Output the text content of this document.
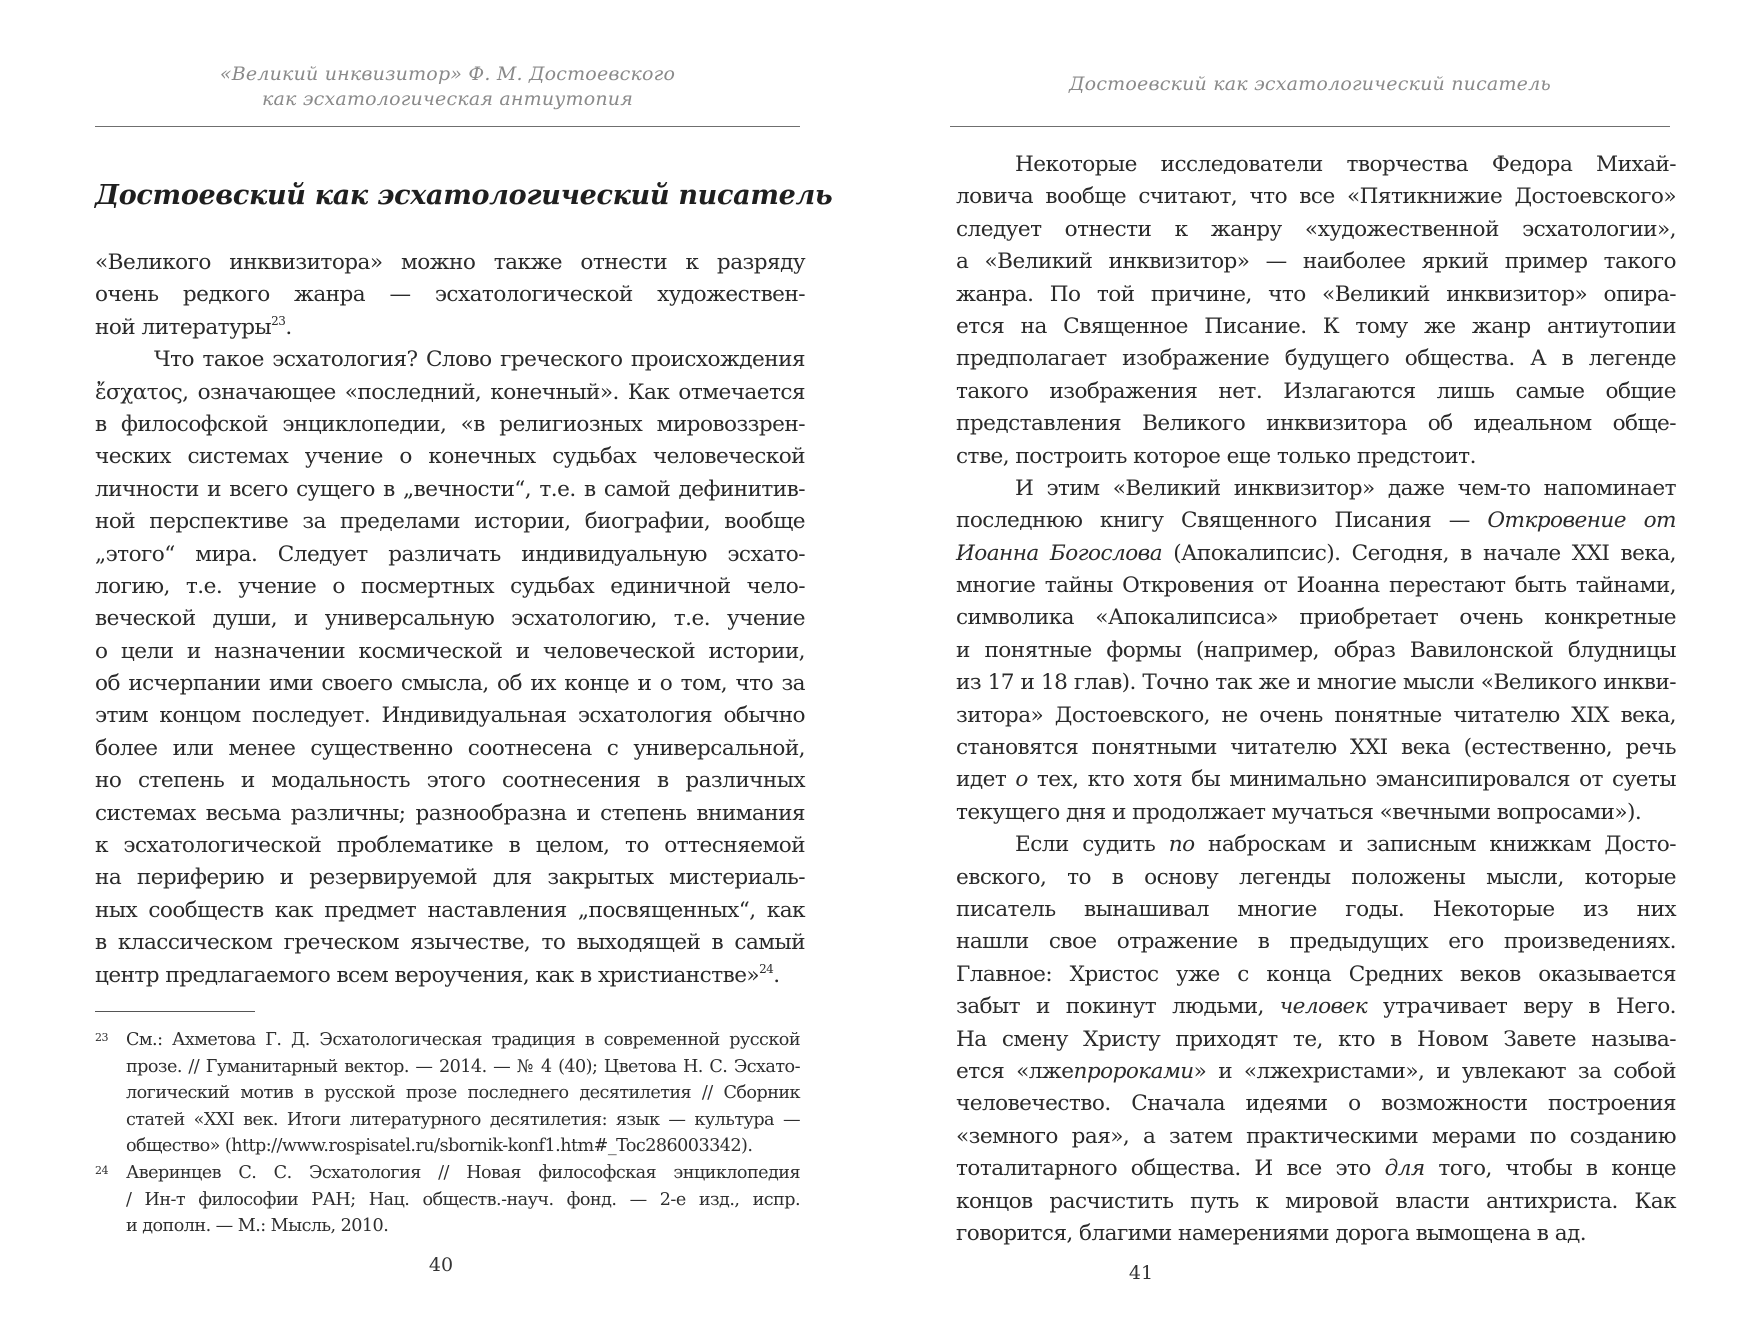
«Великий инквизитор» Ф. М. Достоевского
как эсхатологическая антиутопия
Достоевский как эсхатологический писатель
«Великого инквизитора» можно также отнести к разряду
очень редкого жанра — эсхатологической художествен-
ной литературы$^{23}$.
Что такое эсхатология? Слово греческого происхождения
ἔσχατος, означающее «последний, конечный». Как отмечается
в философской энциклопедии, «в религиозных мировоззрен-
ческих системах учение о конечных судьбах человеческой
личности и всего сущего в „вечности“, т.е. в самой дефинитив-
ной перспективе за пределами истории, биографии, вообще
„этого“ мира. Следует различать индивидуальную эсхато-
логию, т.е. учение о посмертных судьбах единичной чело-
веческой души, и универсальную эсхатологию, т.е. учение
о цели и назначении космической и человеческой истории,
об исчерпании ими своего смысла, об их конце и о том, что за
этим концом последует. Индивидуальная эсхатология обычно
более или менее существенно соотнесена с универсальной,
но степень и модальность этого соотнесения в различных
системах весьма различны; разнообразна и степень внимания
к эсхатологической проблематике в целом, то оттесняемой
на периферию и резервируемой для закрытых мистериаль-
ных сообществ как предмет наставления „посвященных“, как
в классическом греческом язычестве, то выходящей в самый
центр предлагаемого всем вероучения, как в христианстве»$^{24}$.
23 См.: Ахметова Г. Д. Эсхатологическая традиция в современной русской
прозе. // Гуманитарный вектор. — 2014. — № 4 (40); Цветова Н. С. Эсхато-
логический мотив в русской прозе последнего десятилетия // Сборник
статей «XXI век. Итоги литературного десятилетия: язык — культура —
общество» (http://www.rospisatel.ru/sbornik-konf1.htm#_Toc286003342).
24 Аверинцев С. С. Эсхатология // Новая философская энциклопедия
/ Ин-т философии РАН; Нац. обществ.-науч. фонд. — 2-е изд., испр.
и дополн. — М.: Мысль, 2010.
40
Достоевский как эсхатологический писатель
Некоторые исследователи творчества Федора Михай-
ловича вообще считают, что все «Пятикнижие Достоевского»
следует отнести к жанру «художественной эсхатологии»,
а «Великий инквизитор» — наиболее яркий пример такого
жанра. По той причине, что «Великий инквизитор» опира-
ется на Священное Писание. К тому же жанр антиутопии
предполагает изображение будущего общества. А в легенде
такого изображения нет. Излагаются лишь самые общие
представления Великого инквизитора об идеальном обще-
стве, построить которое еще только предстоит.
И этим «Великий инквизитор» даже чем-то напоминает
последнюю книгу Священного Писания — Откровение от
Иоанна Богослова (Апокалипсис). Сегодня, в начале XXI века,
многие тайны Откровения от Иоанна перестают быть тайнами,
символика «Апокалипсиса» приобретает очень конкретные
и понятные формы (например, образ Вавилонской блудницы
из 17 и 18 глав). Точно так же и многие мысли «Великого инкви-
зитора» Достоевского, не очень понятные читателю XIX века,
становятся понятными читателю XXI века (естественно, речь
идет о тех, кто хотя бы минимально эмансипировался от суеты
текущего дня и продолжает мучаться «вечными вопросами»).
Если судить по наброскам и записным книжкам Досто-
евского, то в основу легенды положены мысли, которые
писатель вынашивал многие годы. Некоторые из них
нашли свое отражение в предыдущих его произведениях.
Главное: Христос уже с конца Средних веков оказывается
забыт и покинут людьми, человек утрачивает веру в Него.
На смену Христу приходят те, кто в Новом Завете называ-
ется «лжепророками» и «лжехристами», и увлекают за собой
человечество. Сначала идеями о возможности построения
«земного рая», а затем практическими мерами по созданию
тоталитарного общества. И все это для того, чтобы в конце
концов расчистить путь к мировой власти антихриста. Как
говорится, благими намерениями дорога вымощена в ад.
41
